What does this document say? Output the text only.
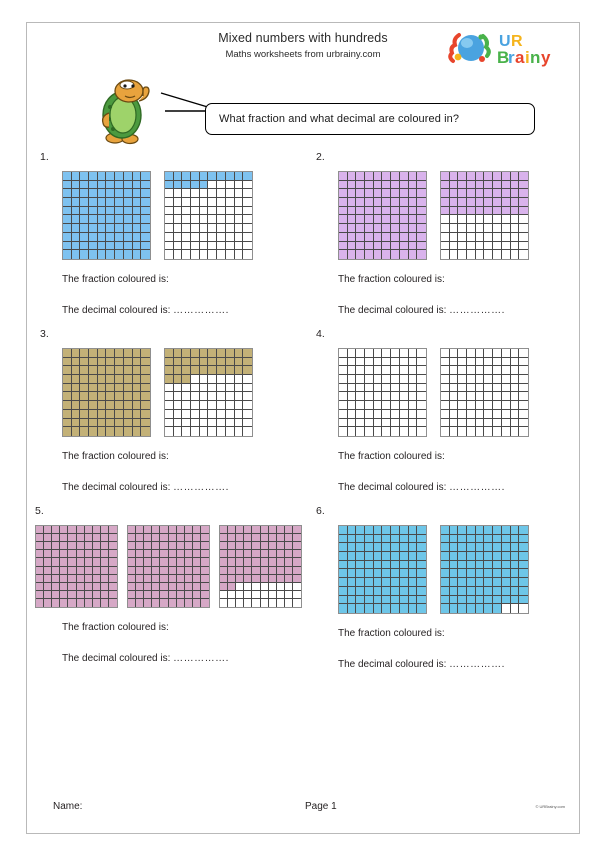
Mixed numbers with hundreds
Maths worksheets from urbrainy.com
U R
B
r a i n y
What fraction and what decimal are coloured in?
1.
The fraction coloured is:
The decimal coloured is: …………….
2.
The fraction coloured is:
The decimal coloured is: …………….
3.
The fraction coloured is:
The decimal coloured is: …………….
4.
The fraction coloured is:
The decimal coloured is: …………….
5.
The fraction coloured is:
The decimal coloured is: …………….
6.
The fraction coloured is:
The decimal coloured is: …………….
Name:	Page 1	© URBrainy.com
